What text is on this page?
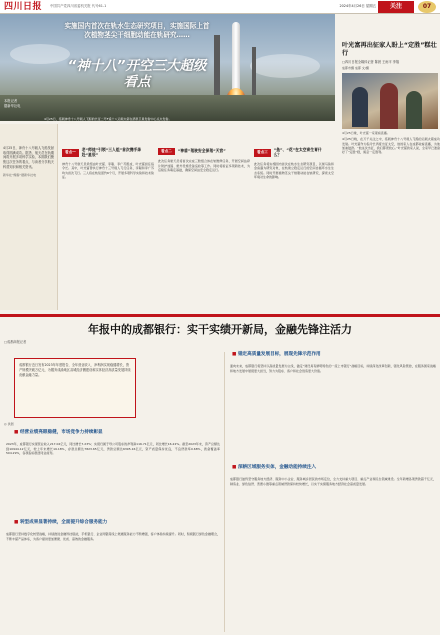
四川日报 中国共产党四川省委机关报 代号61-1	2024年4月26日 星期五	关注	07
实施国内首次在轨水生态研究项目，实施国际上首次植物茎尖干细胞动能在轨研究……
“神十八”开空三大超级看点
本报记者
据新华社电
4月25日，搭载神舟十八号载人飞船的长征二号F遥十八运载火箭在酒泉卫星发射中心点火发射。
叶光富再出征家人盼上“定胜”糕壮行
□四川日报全媒体记者 陈晨 王雨平 李翔
成都市摄 成都 文/摄
4月25日晚，叶光富一家观看直播。
4月25日晚，在万千关注之中，搭载神舟十八号载人飞船的运载火箭成功发射。叶光富作为指令长再度出征太空，他的家人在成都收看直播，为他加油鼓劲。“他这次出征，我们都很放心。”叶光富的家人说，全家早已准备好了“定胜”糕，寓意一定胜利。
4月25日，神舟十八号载人飞船发射取得圆满成功。据悉，航天员在轨期间将开展多项科学实验，本期我们聚焦这次任务的看点，与读者分享航天科普知识和相关资讯。
新华社“鲍春”据新华社电
看点一 老“师徒”引领“三人组”首次携手奔赴“星辰”
神舟十八号航天员乘组由叶光富、李聪、李广苏组成，叶光富担任指令长。其中，叶光富曾执行神舟十三号载人飞行任务，李聪和李广苏均为首次飞行。三人将在轨驻留约6个月，开展多项科学实验和技术验证。
看点二 “神盾”驾驶安全保驾“天宫”
此次任务航天员将首次完成三舱组合体在轨维修任务，开展空间站碎片防护加固、舱外设施设备巡检等工作。同时将验证多项新技术，为后续任务奠定基础，确保空间站安全稳定运行。
看点三 “鱼”、“花”在太空育生育什么？
此次任务将实施国内首次在轨水生态研究项目，以斑马鱼和金鱼藻为研究对象，在轨建立稳定运行的空间自循环水生生态系统。同时开展植物茎尖干细胞动能在轨研究，探索太空环境对生命的影响。
年报中的成都银行：实干实绩开新局，金融先锋注活力
□成都商报记者
成都银行近日发布2023年年度报告，全年营业收入、净利润实现稳健增长，资产规模突破万亿元，为服务成渝地区双城经济圈建设和实体经济高质量发展持续贡献金融力量。
◎ 供图
■ 经营业绩亮眼稳健，市场竞争力持续彰显
2023年，成都银行实现营业收入217.02亿元，同比增长7.23%；实现归属于母公司股东的净利润116.71亿元，同比增长16.22%。截至2023年末，资产总额达到10944.12亿元，较上年末增长19.18%，存款总额达7823.65亿元，贷款总额达6395.16亿元，资产质量保持优良，不良贷款率0.68%，拨备覆盖率504.29%，各项指标稳居同业前列。
■ 转型成果显著持续，全面提升综合服务能力
成都银行坚持数字化转型战略，持续推进金融科技赋能，手机银行、企业网银等线上渠道服务能力不断增强，客户体验持续提升。同时，积极践行绿色金融理念，不断丰富产品体系，为客户提供更加便捷、优质、高效的金融服务。
■ 锚定高质量发展目标，展现先锋示范作用
面向未来，成都银行将坚持以高质量发展为主线，锚定“建设具有鲜明特色的一流上市银行”战略目标，持续深化改革创新，强化风险管控，在服务国家战略和地方发展中展现更大担当，努力为股东、客户和社会创造更大价值。
■ 深耕区域服务实体，金融动能持续注入
成都银行始终坚守服务地方经济、服务中小企业、服务城乡居民的市场定位，全力支持重大项目、重点产业和民生领域建设。全年新增各项贷款超千亿元，制造业、绿色信贷、普惠小微等重点领域贷款保持较快增长，以实干实绩服务地方经济社会高质量发展。
